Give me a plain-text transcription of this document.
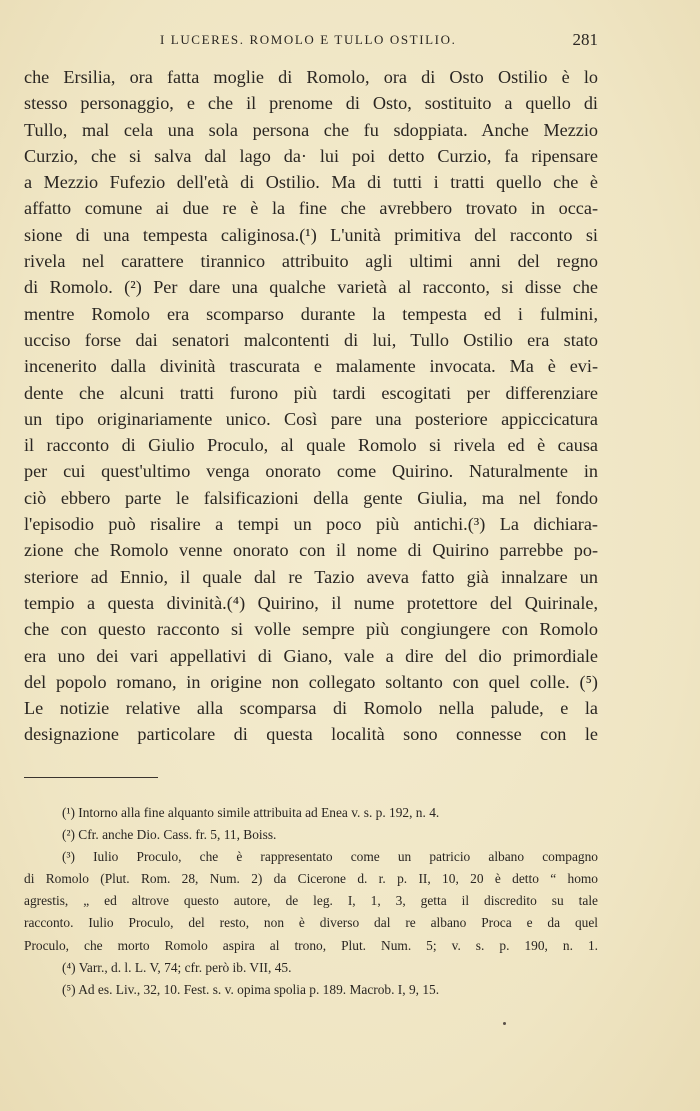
I LUCERES. ROMOLO E TULLO OSTILIO.	281
che Ersilia, ora fatta moglie di Romolo, ora di Osto Ostilio è lo
stesso personaggio, e che il prenome di Osto, sostituito a quello di
Tullo, mal cela una sola persona che fu sdoppiata. Anche Mezzio
Curzio, che si salva dal lago da· lui poi detto Curzio, fa ripensare
a Mezzio Fufezio dell'età di Ostilio. Ma di tutti i tratti quello che è
affatto comune ai due re è la fine che avrebbero trovato in occa-
sione di una tempesta caliginosa.(¹) L'unità primitiva del racconto si
rivela nel carattere tirannico attribuito agli ultimi anni del regno
di Romolo. (²) Per dare una qualche varietà al racconto, si disse che
mentre Romolo era scomparso durante la tempesta ed i fulmini,
ucciso forse dai senatori malcontenti di lui, Tullo Ostilio era stato
incenerito dalla divinità trascurata e malamente invocata. Ma è evi-
dente che alcuni tratti furono più tardi escogitati per differenziare
un tipo originariamente unico. Così pare una posteriore appiccicatura
il racconto di Giulio Proculo, al quale Romolo si rivela ed è causa
per cui quest'ultimo venga onorato come Quirino. Naturalmente in
ciò ebbero parte le falsificazioni della gente Giulia, ma nel fondo
l'episodio può risalire a tempi un poco più antichi.(³) La dichiara-
zione che Romolo venne onorato con il nome di Quirino parrebbe po-
steriore ad Ennio, il quale dal re Tazio aveva fatto già innalzare un
tempio a questa divinità.(⁴) Quirino, il nume protettore del Quirinale,
che con questo racconto si volle sempre più congiungere con Romolo
era uno dei vari appellativi di Giano, vale a dire del dio primordiale
del popolo romano, in origine non collegato soltanto con quel colle. (⁵)
Le notizie relative alla scomparsa di Romolo nella palude, e la
designazione particolare di questa località sono connesse con le
(¹) Intorno alla fine alquanto simile attribuita ad Enea v. s. p. 192, n. 4.
(²) Cfr. anche Dio. Cass. fr. 5, 11, Boiss.
(³) Iulio Proculo, che è rappresentato come un patricio albano compagno
di Romolo (Plut. Rom. 28, Num. 2) da Cicerone d. r. p. II, 10, 20 è detto “ homo
agrestis, „ ed altrove questo autore, de leg. I, 1, 3, getta il discredito su tale
racconto. Iulio Proculo, del resto, non è diverso dal re albano Proca e da quel
Proculo, che morto Romolo aspira al trono, Plut. Num. 5; v. s. p. 190, n. 1.
(⁴) Varr., d. l. L. V, 74; cfr. però ib. VII, 45.
(⁵) Ad es. Liv., 32, 10. Fest. s. v. opima spolia p. 189. Macrob. I, 9, 15.
